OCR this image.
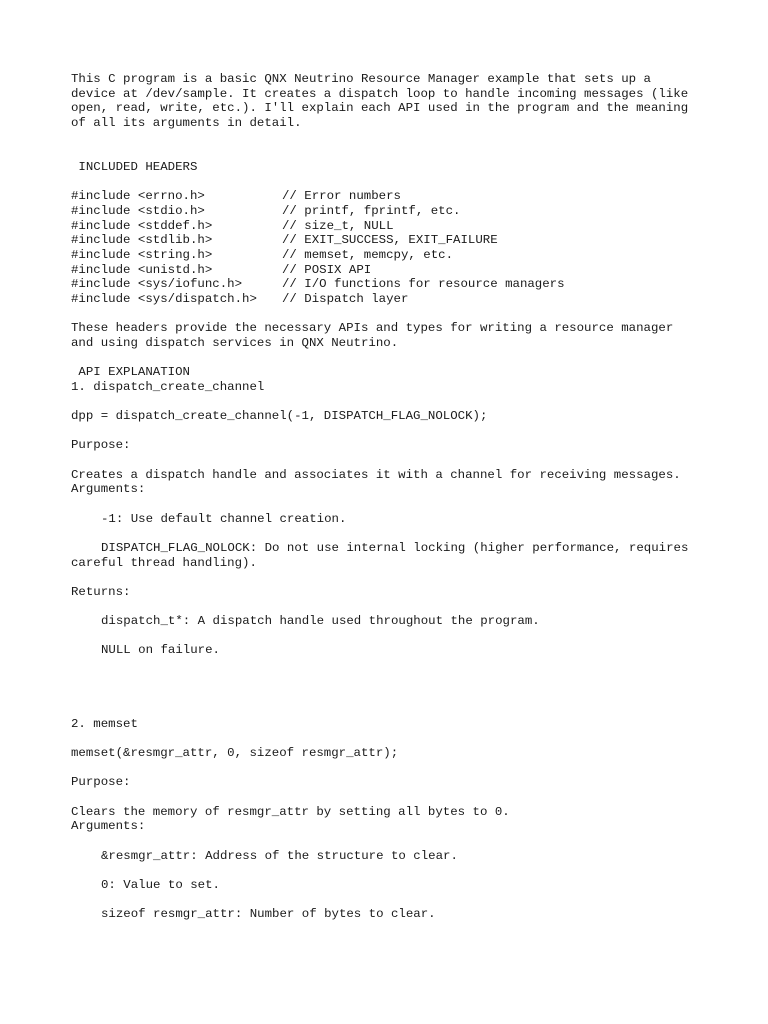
This C program is a basic QNX Neutrino Resource Manager example that sets up a
device at /dev/sample. It creates a dispatch loop to handle incoming messages (like
open, read, write, etc.). I'll explain each API used in the program and the meaning
of all its arguments in detail.
INCLUDED HEADERS
#include <errno.h>	// Error numbers
#include <stdio.h>	// printf, fprintf, etc.
#include <stddef.h>	// size_t, NULL
#include <stdlib.h>	// EXIT_SUCCESS, EXIT_FAILURE
#include <string.h>	// memset, memcpy, etc.
#include <unistd.h>	// POSIX API
#include <sys/iofunc.h>	// I/O functions for resource managers
#include <sys/dispatch.h>	// Dispatch layer
These headers provide the necessary APIs and types for writing a resource manager
and using dispatch services in QNX Neutrino.
API EXPLANATION
1. dispatch_create_channel
dpp = dispatch_create_channel(-1, DISPATCH_FLAG_NOLOCK);
Purpose:
Creates a dispatch handle and associates it with a channel for receiving messages.
Arguments:
-1: Use default channel creation.
DISPATCH_FLAG_NOLOCK: Do not use internal locking (higher performance, requires
careful thread handling).
Returns:
dispatch_t*: A dispatch handle used throughout the program.
NULL on failure.
2. memset
memset(&resmgr_attr, 0, sizeof resmgr_attr);
Purpose:
Clears the memory of resmgr_attr by setting all bytes to 0.
Arguments:
&resmgr_attr: Address of the structure to clear.
0: Value to set.
sizeof resmgr_attr: Number of bytes to clear.
